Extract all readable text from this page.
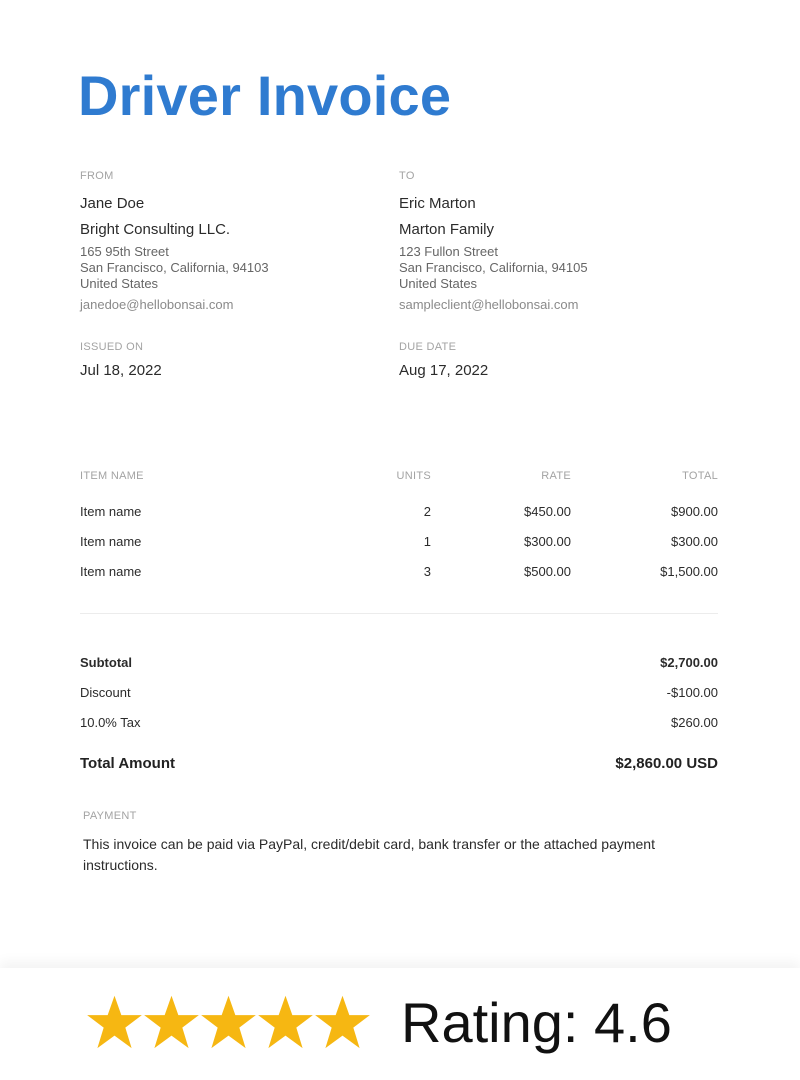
Driver Invoice
FROM
Jane Doe
Bright Consulting LLC.
165 95th Street
San Francisco, California, 94103
United States
janedoe@hellobonsai.com
TO
Eric Marton
Marton Family
123 Fullon Street
San Francisco, California, 94105
United States
sampleclient@hellobonsai.com
ISSUED ON
Jul 18, 2022
DUE DATE
Aug 17, 2022
ITEM NAME	UNITS	RATE	TOTAL
Item name	2	$450.00	$900.00
Item name	1	$300.00	$300.00
Item name	3	$500.00	$1,500.00
Subtotal	$2,700.00
Discount	-$100.00
10.0% Tax	$260.00
Total Amount	$2,860.00 USD
PAYMENT
This invoice can be paid via PayPal, credit/debit card, bank transfer or the attached payment instructions.
Rating: 4.6
